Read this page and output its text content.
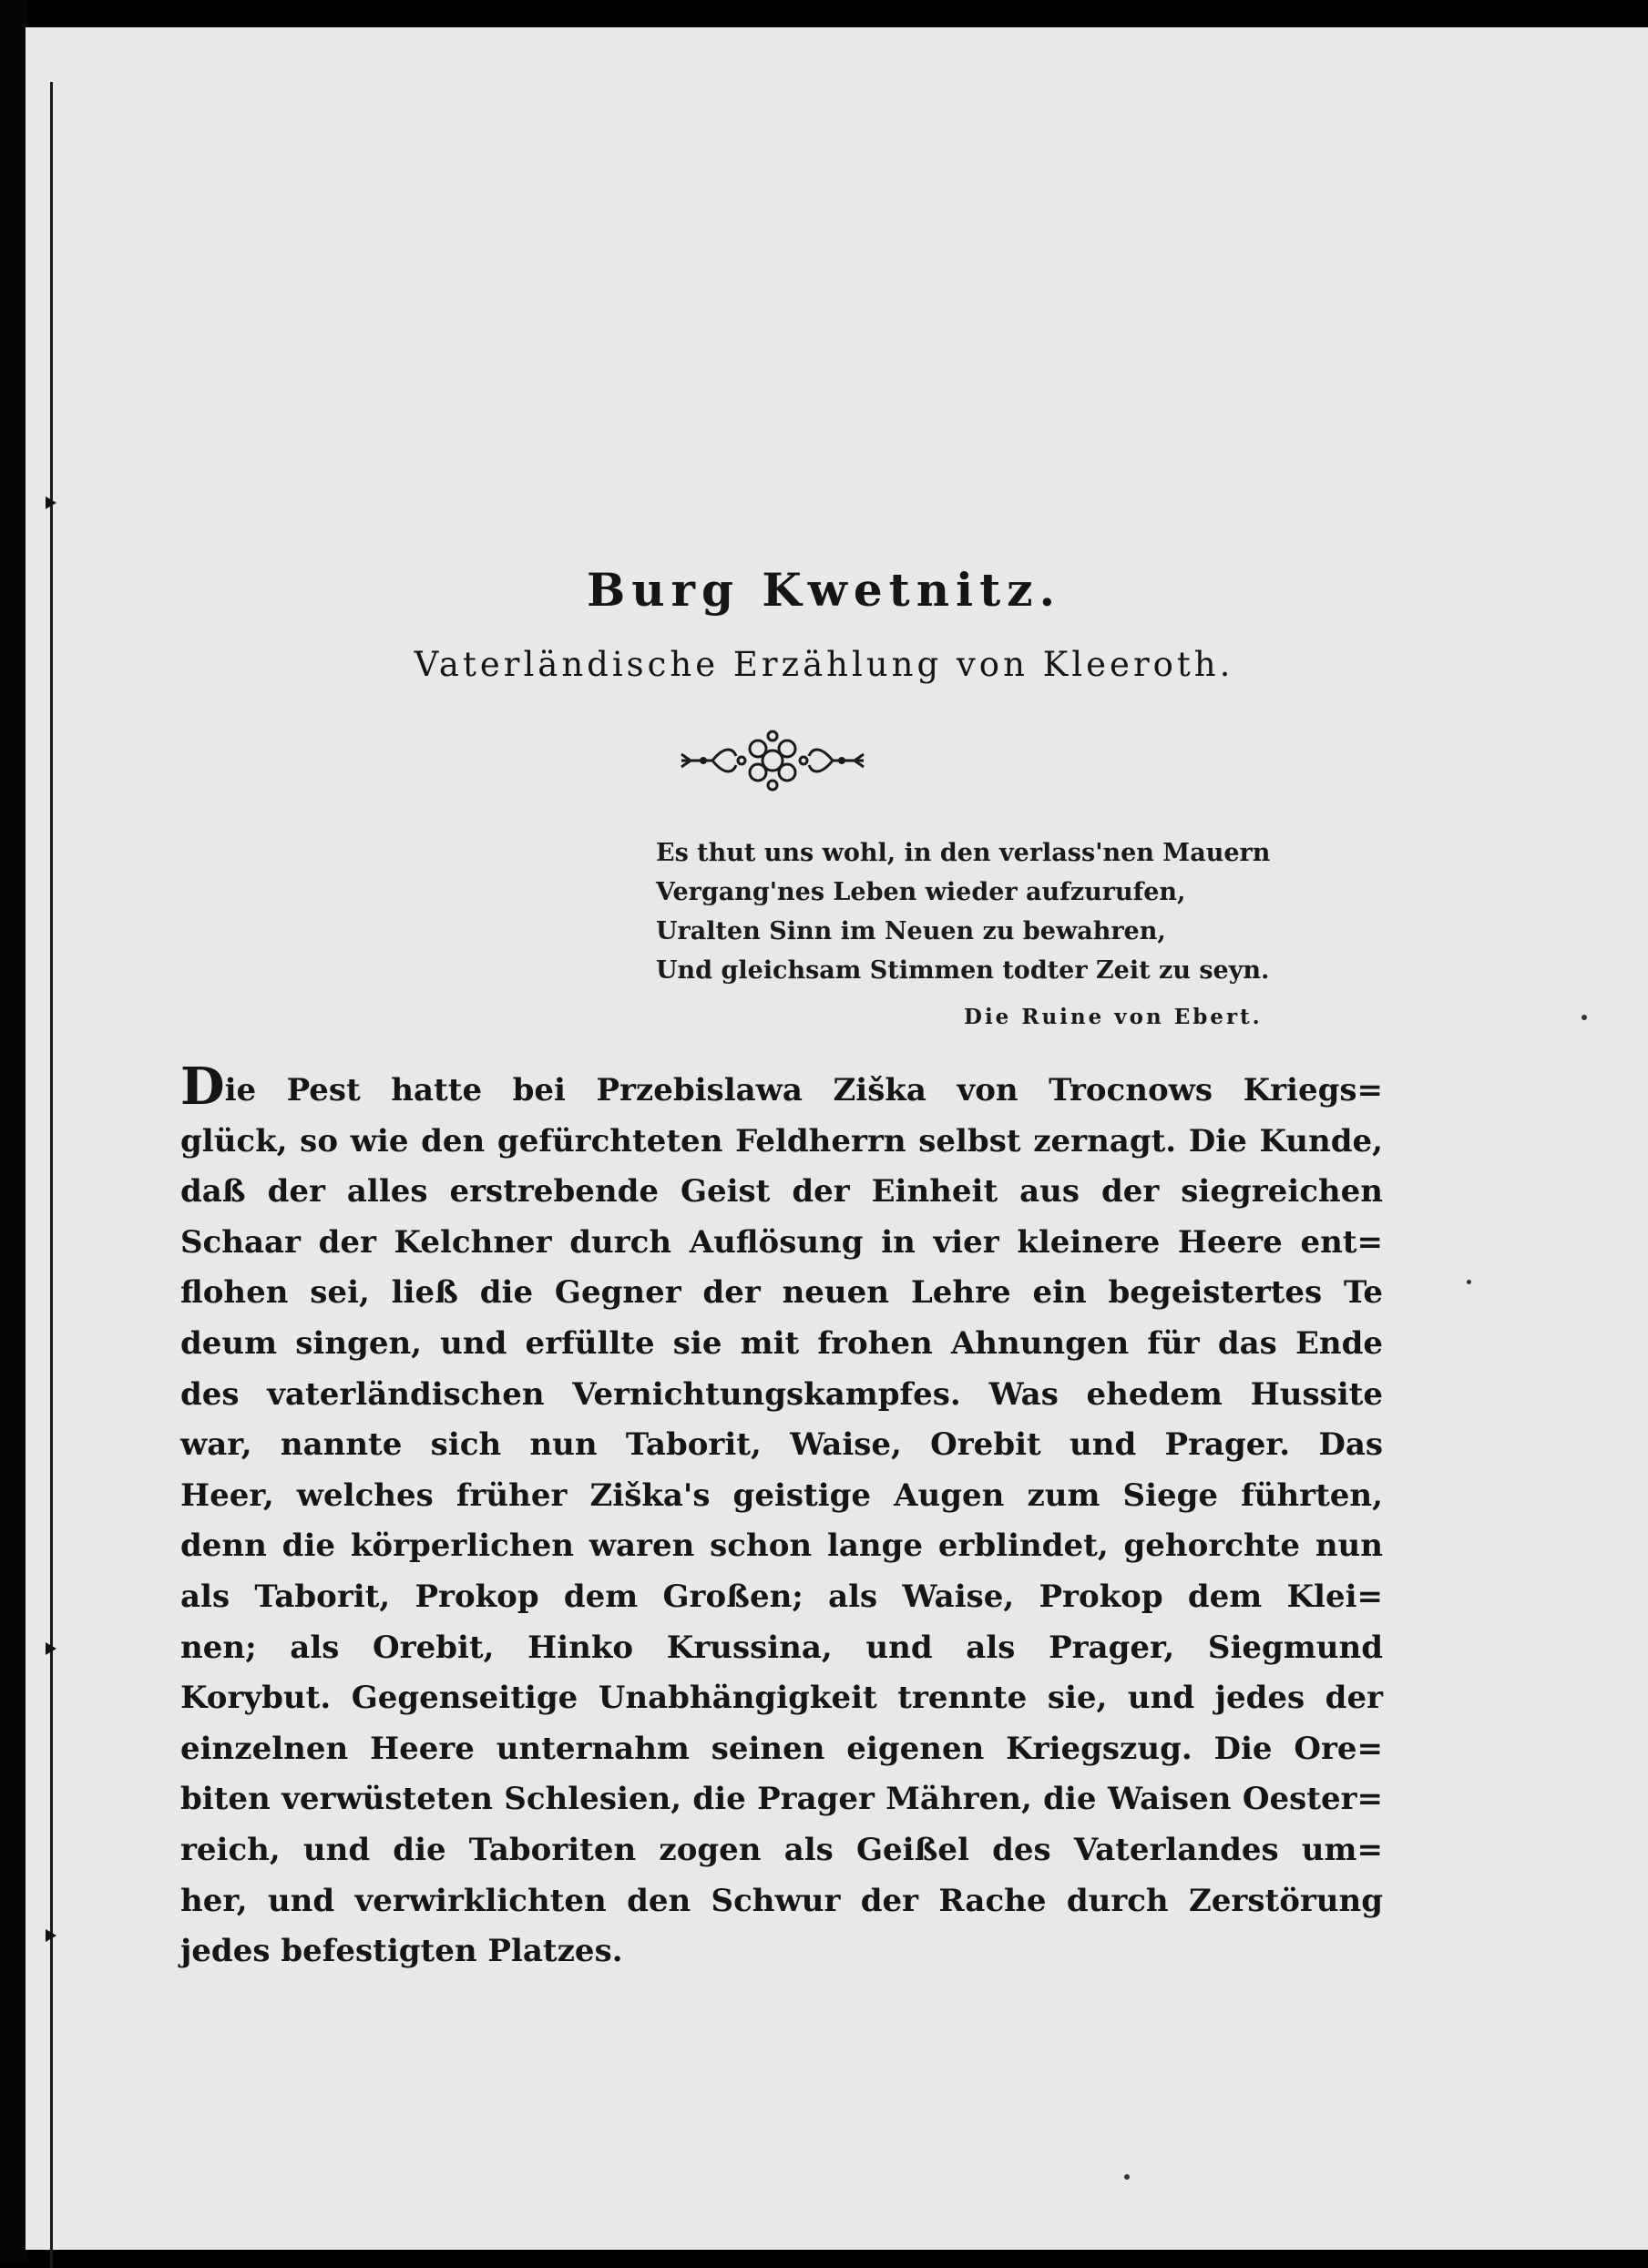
Burg Kwetnitz.
Vaterländische Erzählung von Kleeroth.
Es thut uns wohl, in den verlass'nen Mauern
Vergang'nes Leben wieder aufzurufen,
Uralten Sinn im Neuen zu bewahren,
Und gleichsam Stimmen todter Zeit zu seyn.
Die Ruine von Ebert.
Die Pest hatte bei Przebislawa Ziška von Trocnows Kriegs=
glück, so wie den gefürchteten Feldherrn selbst zernagt. Die Kunde,
daß der alles erstrebende Geist der Einheit aus der siegreichen
Schaar der Kelchner durch Auflösung in vier kleinere Heere ent=
flohen sei, ließ die Gegner der neuen Lehre ein begeistertes Te
deum singen, und erfüllte sie mit frohen Ahnungen für das Ende
des vaterländischen Vernichtungskampfes. Was ehedem Hussite
war, nannte sich nun Taborit, Waise, Orebit und Prager. Das
Heer, welches früher Ziška's geistige Augen zum Siege führten,
denn die körperlichen waren schon lange erblindet, gehorchte nun
als Taborit, Prokop dem Großen; als Waise, Prokop dem Klei=
nen; als Orebit, Hinko Krussina, und als Prager, Siegmund
Korybut. Gegenseitige Unabhängigkeit trennte sie, und jedes der
einzelnen Heere unternahm seinen eigenen Kriegszug. Die Ore=
biten verwüsteten Schlesien, die Prager Mähren, die Waisen Oester=
reich, und die Taboriten zogen als Geißel des Vaterlandes um=
her, und verwirklichten den Schwur der Rache durch Zerstörung
jedes befestigten Platzes.
